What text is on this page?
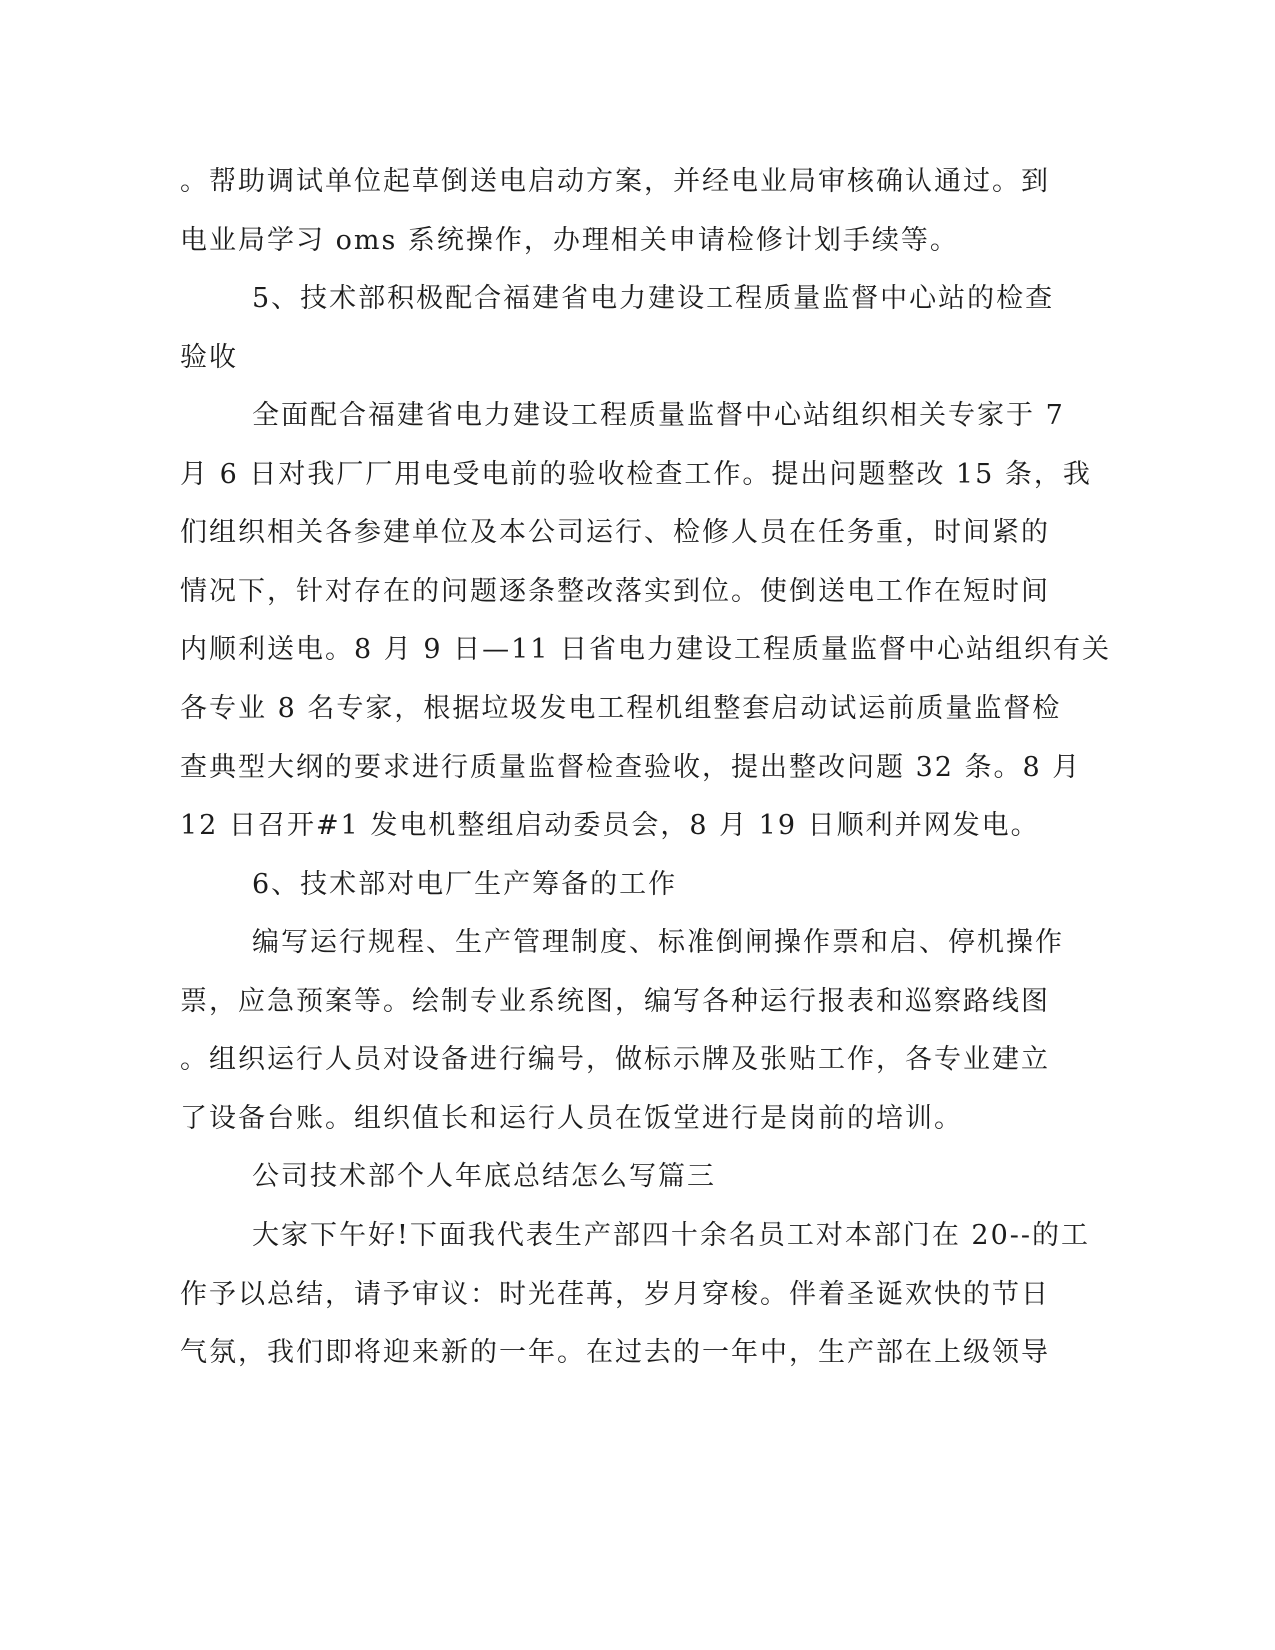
。帮助调试单位起草倒送电启动方案，并经电业局审核确认通过。到

电业局学习 oms 系统操作，办理相关申请检修计划手续等。

5、技术部积极配合福建省电力建设工程质量监督中心站的检查

验收

全面配合福建省电力建设工程质量监督中心站组织相关专家于 7

月 6 日对我厂厂用电受电前的验收检查工作。提出问题整改 15 条，我

们组织相关各参建单位及本公司运行、检修人员在任务重，时间紧的

情况下，针对存在的问题逐条整改落实到位。使倒送电工作在短时间

内顺利送电。8 月 9 日—11 日省电力建设工程质量监督中心站组织有关

各专业 8 名专家，根据垃圾发电工程机组整套启动试运前质量监督检

查典型大纲的要求进行质量监督检查验收，提出整改问题 32 条。8 月

12 日召开#1 发电机整组启动委员会，8 月 19 日顺利并网发电。

6、技术部对电厂生产筹备的工作

编写运行规程、生产管理制度、标准倒闸操作票和启、停机操作

票，应急预案等。绘制专业系统图，编写各种运行报表和巡察路线图

。组织运行人员对设备进行编号，做标示牌及张贴工作，各专业建立

了设备台账。组织值长和运行人员在饭堂进行是岗前的培训。

公司技术部个人年底总结怎么写篇三

大家下午好!下面我代表生产部四十余名员工对本部门在 20--的工

作予以总结，请予审议：时光荏苒，岁月穿梭。伴着圣诞欢快的节日

气氛，我们即将迎来新的一年。在过去的一年中，生产部在上级领导
